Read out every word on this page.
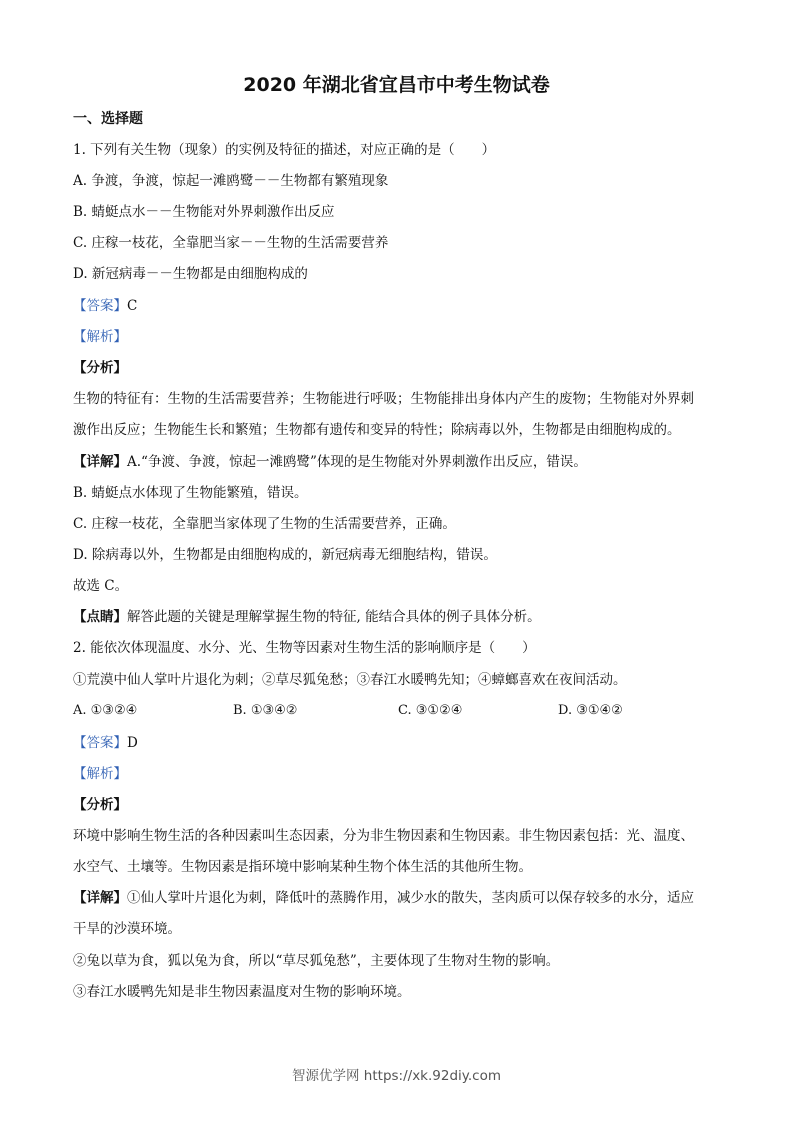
2020 年湖北省宜昌市中考生物试卷
一、选择题
1. 下列有关生物（现象）的实例及特征的描述，对应正确的是（　　）
A. 争渡，争渡，惊起一滩鸥鹭－－生物都有繁殖现象
B. 蜻蜓点水－－生物能对外界刺激作出反应
C. 庄稼一枝花，全靠肥当家－－生物的生活需要营养
D. 新冠病毒－－生物都是由细胞构成的
【答案】C
【解析】
【分析】
生物的特征有：生物的生活需要营养；生物能进行呼吸；生物能排出身体内产生的废物；生物能对外界刺
激作出反应；生物能生长和繁殖；生物都有遗传和变异的特性；除病毒以外，生物都是由细胞构成的。
【详解】A.“争渡、争渡，惊起一滩鸥鹭”体现的是生物能对外界刺激作出反应，错误。
B. 蜻蜓点水体现了生物能繁殖，错误。
C. 庄稼一枝花，全靠肥当家体现了生物的生活需要营养，正确。
D. 除病毒以外，生物都是由细胞构成的，新冠病毒无细胞结构，错误。
故选 C。
【点睛】解答此题的关键是理解掌握生物的特征, 能结合具体的例子具体分析。
2. 能依次体现温度、水分、光、生物等因素对生物生活的影响顺序是（　　）
①荒漠中仙人掌叶片退化为刺；②草尽狐兔愁；③春江水暖鸭先知；④蟑螂喜欢在夜间活动。
A. ①③②④	B. ①③④②	C. ③①②④	D. ③①④②
【答案】D
【解析】
【分析】
环境中影响生物生活的各种因素叫生态因素，分为非生物因素和生物因素。非生物因素包括：光、温度、
水空气、土壤等。生物因素是指环境中影响某种生物个体生活的其他所生物。
【详解】①仙人掌叶片退化为刺，降低叶的蒸腾作用，减少水的散失，茎肉质可以保存较多的水分，适应
干旱的沙漠环境。
②兔以草为食，狐以兔为食，所以“草尽狐兔愁”，主要体现了生物对生物的影响。
③春江水暖鸭先知是非生物因素温度对生物的影响环境。
智源优学网 https://xk.92diy.com
